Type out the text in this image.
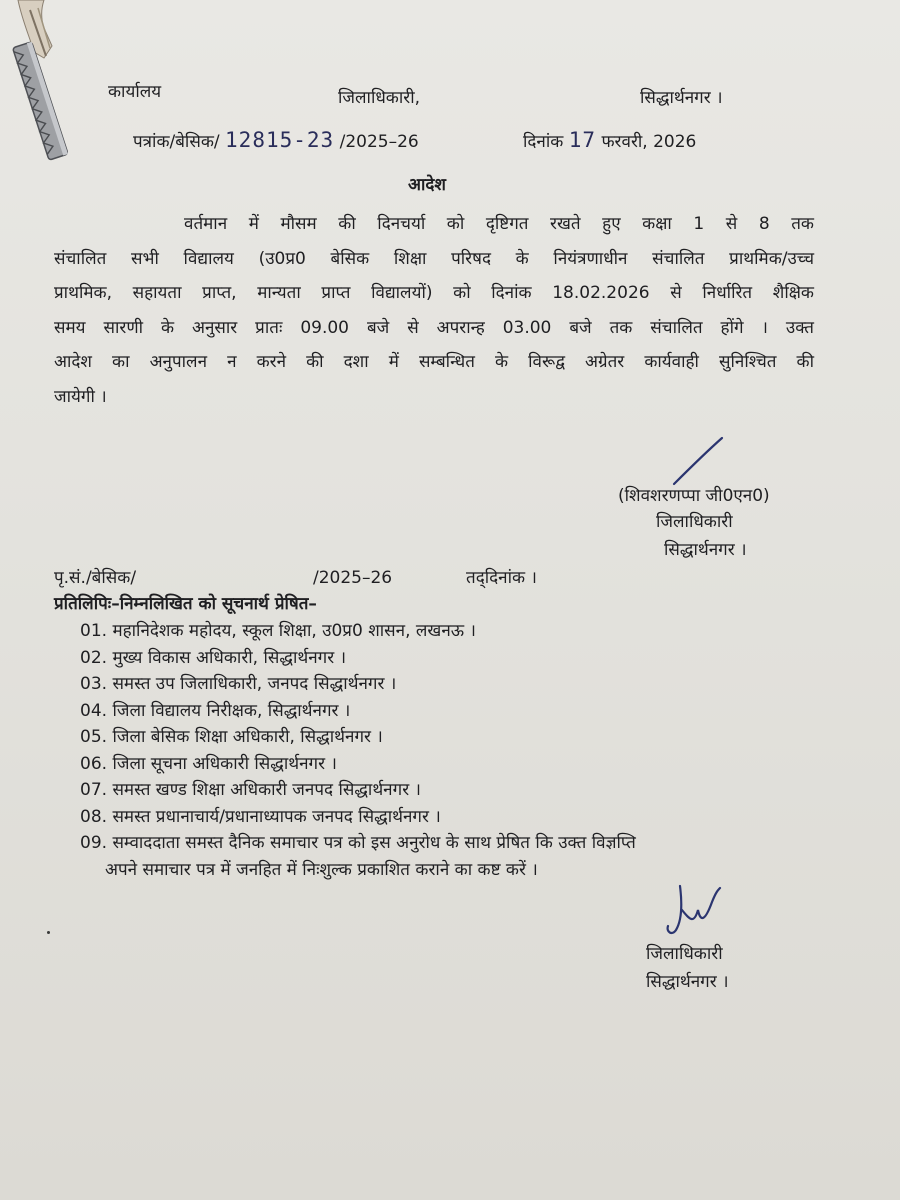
कार्यालय	जिलाधिकारी,	सिद्धार्थनगर ।
पत्रांक/बेसिक/ 12815-23 /2025–26	दिनांक 17 फरवरी, 2026
आदेश
वर्तमान में मौसम की दिनचर्या को दृष्टिगत रखते हुए कक्षा 1 से 8 तक
संचालित सभी विद्यालय (उ0प्र0 बेसिक शिक्षा परिषद के नियंत्रणाधीन संचालित प्राथमिक/उच्च
प्राथमिक, सहायता प्राप्त, मान्यता प्राप्त विद्यालयों) को दिनांक 18.02.2026 से निर्धारित शैक्षिक
समय सारणी के अनुसार प्रातः 09.00 बजे से अपरान्ह 03.00 बजे तक संचालित होंगे । उक्त
आदेश का अनुपालन न करने की दशा में सम्बन्धित के विरूद्व अग्रेतर कार्यवाही सुनिश्चित की
जायेगी ।
(शिवशरणप्पा जी0एन0)
जिलाधिकारी
सिद्धार्थनगर ।
पृ.सं./बेसिक/	/2025–26	तद्‌दिनांक ।
प्रतिलिपिः–निम्नलिखित को सूचनार्थ प्रेषित–
01. महानिदेशक महोदय, स्कूल शिक्षा, उ0प्र0 शासन, लखनऊ ।
02. मुख्य विकास अधिकारी, सिद्धार्थनगर ।
03. समस्त उप जिलाधिकारी, जनपद सिद्धार्थनगर ।
04. जिला विद्यालय निरीक्षक, सिद्धार्थनगर ।
05. जिला बेसिक शिक्षा अधिकारी, सिद्धार्थनगर ।
06. जिला सूचना अधिकारी सिद्धार्थनगर ।
07. समस्त खण्ड शिक्षा अधिकारी जनपद सिद्धार्थनगर ।
08. समस्त प्रधानाचार्य/प्रधानाध्यापक जनपद सिद्धार्थनगर ।
09. सम्वाददाता समस्त दैनिक समाचार पत्र को इस अनुरोध के साथ प्रेषित कि उक्त विज्ञप्ति
अपने समाचार पत्र में जनहित में निःशुल्क प्रकाशित कराने का कष्ट करें ।
जिलाधिकारी
सिद्धार्थनगर ।
